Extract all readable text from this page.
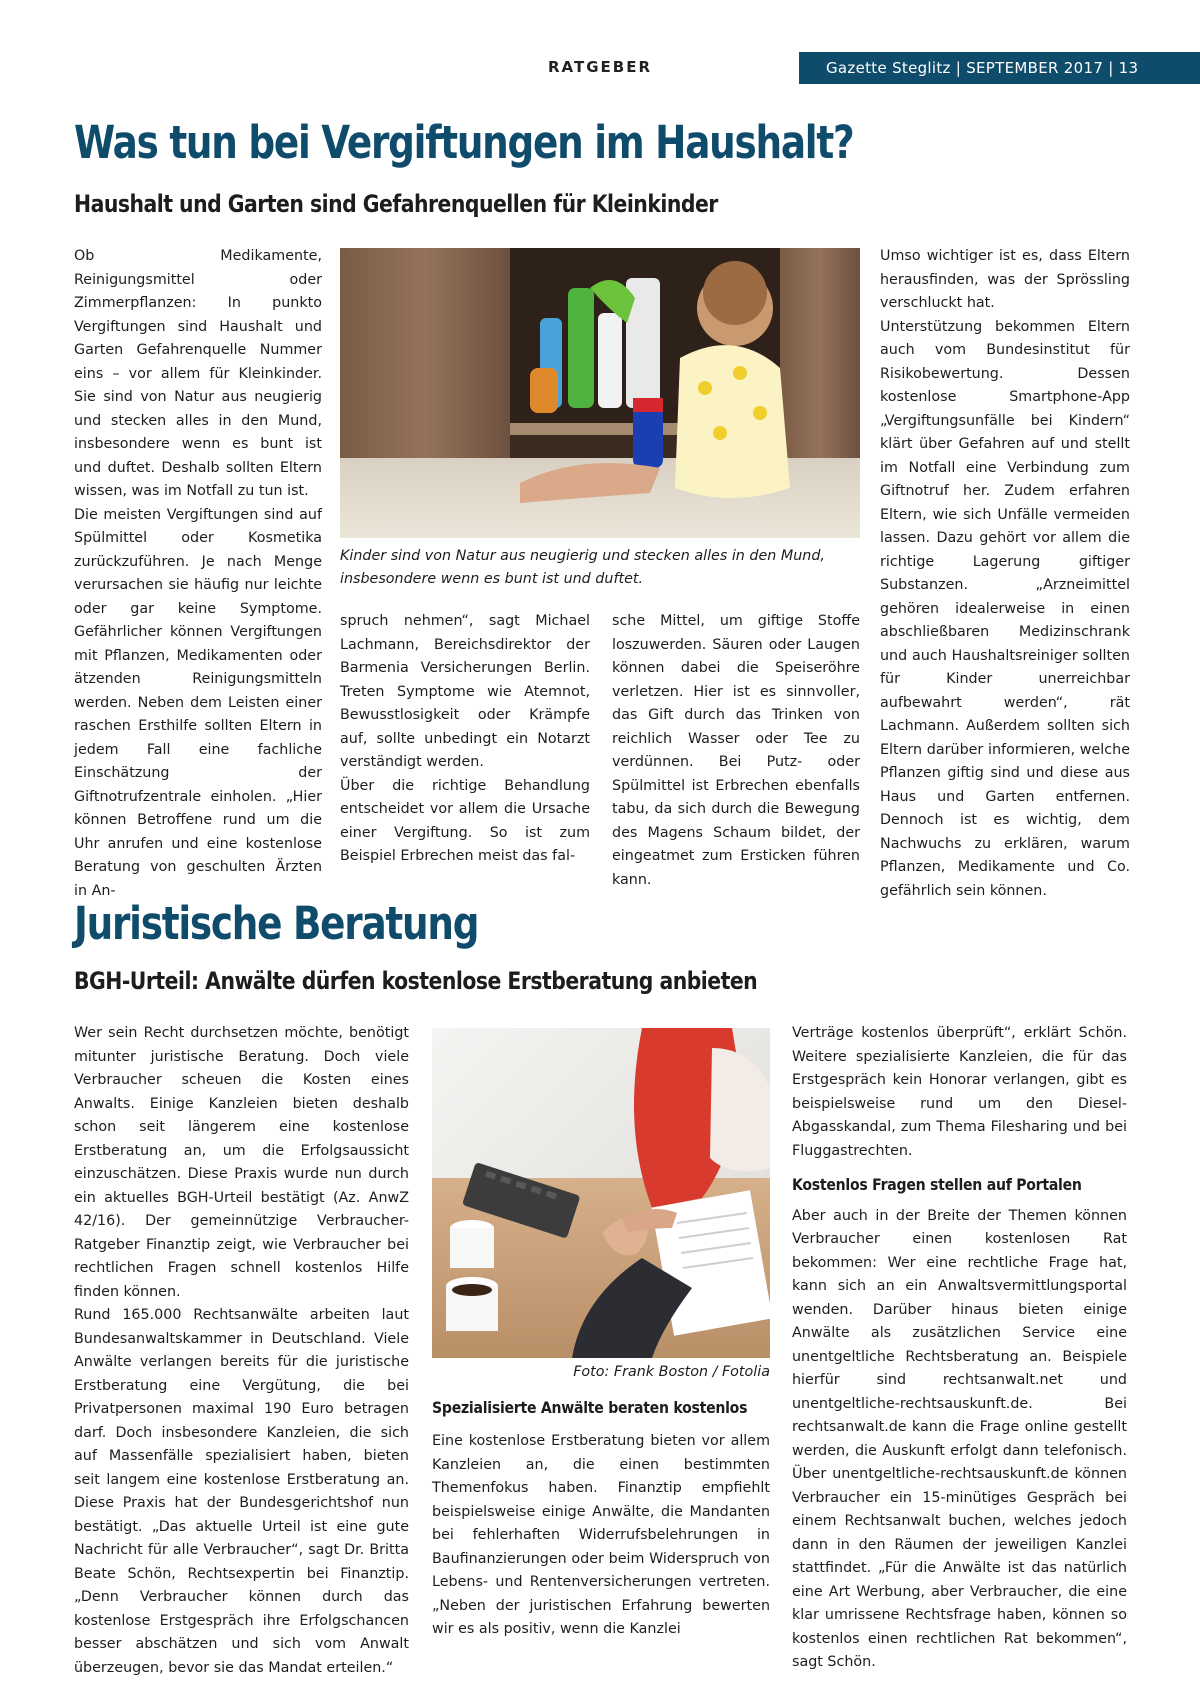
RATGEBER	Gazette Steglitz | SEPTEMBER 2017 | 13
Was tun bei Vergiftungen im Haushalt?
Haushalt und Garten sind Gefahrenquellen für Kleinkinder

Ob Medikamente, Reinigungsmittel oder Zimmerpflanzen: In punkto Vergiftungen sind Haushalt und Garten Gefahrenquelle Nummer eins – vor allem für Kleinkinder. Sie sind von Natur aus neugierig und stecken alles in den Mund, insbesondere wenn es bunt ist und duftet. Deshalb sollten Eltern wissen, was im Notfall zu tun ist.

Die meisten Vergiftungen sind auf Spülmittel oder Kosmetika zurückzuführen. Je nach Menge verursachen sie häufig nur leichte oder gar keine Symptome. Gefährlicher können Vergiftungen mit Pflanzen, Medikamenten oder ätzenden Reinigungsmitteln werden. Neben dem Leisten einer raschen Ersthilfe sollten Eltern in jedem Fall eine fachliche Einschätzung der Giftnotrufzentrale einholen. „Hier können Betroffene rund um die Uhr anrufen und eine kostenlose Beratung von geschulten Ärzten in An-

Kinder sind von Natur aus neugierig und stecken alles in den Mund, insbesondere wenn es bunt ist und duftet.

spruch nehmen“, sagt Michael Lachmann, Bereichsdirektor der Barmenia Versicherungen Berlin. Treten Symptome wie Atemnot, Bewusstlosigkeit oder Krämpfe auf, sollte unbedingt ein Notarzt verständigt werden.

Über die richtige Behandlung entscheidet vor allem die Ursache einer Vergiftung. So ist zum Beispiel Erbrechen meist das fal-

sche Mittel, um giftige Stoffe loszuwerden. Säuren oder Laugen können dabei die Speiseröhre verletzen. Hier ist es sinnvoller, das Gift durch das Trinken von reichlich Wasser oder Tee zu verdünnen. Bei Putz- oder Spülmittel ist Erbrechen ebenfalls tabu, da sich durch die Bewegung des Magens Schaum bildet, der eingeatmet zum Ersticken führen kann.

Umso wichtiger ist es, dass Eltern herausfinden, was der Sprössling verschluckt hat.

Unterstützung bekommen Eltern auch vom Bundesinstitut für Risikobewertung. Dessen kostenlose Smartphone-App „Vergiftungsunfälle bei Kindern“ klärt über Gefahren auf und stellt im Notfall eine Verbindung zum Giftnotruf her. Zudem erfahren Eltern, wie sich Unfälle vermeiden lassen. Dazu gehört vor allem die richtige Lagerung giftiger Substanzen. „Arzneimittel gehören idealerweise in einen abschließbaren Medizinschrank und auch Haushaltsreiniger sollten für Kinder unerreichbar aufbewahrt werden“, rät Lachmann. Außerdem sollten sich Eltern darüber informieren, welche Pflanzen giftig sind und diese aus Haus und Garten entfernen. Dennoch ist es wichtig, dem Nachwuchs zu erklären, warum Pflanzen, Medikamente und Co. gefährlich sein können.

Juristische Beratung
BGH-Urteil: Anwälte dürfen kostenlose Erstberatung anbieten

Wer sein Recht durchsetzen möchte, benötigt mitunter juristische Beratung. Doch viele Verbraucher scheuen die Kosten eines Anwalts. Einige Kanzleien bieten deshalb schon seit längerem eine kostenlose Erstberatung an, um die Erfolgsaussicht einzuschätzen. Diese Praxis wurde nun durch ein aktuelles BGH-Urteil bestätigt (Az. AnwZ 42/16). Der gemeinnützige Verbraucher-Ratgeber Finanztip zeigt, wie Verbraucher bei rechtlichen Fragen schnell kostenlos Hilfe finden können.

Rund 165.000 Rechtsanwälte arbeiten laut Bundesanwaltskammer in Deutschland. Viele Anwälte verlangen bereits für die juristische Erstberatung eine Vergütung, die bei Privatpersonen maximal 190 Euro betragen darf. Doch insbesondere Kanzleien, die sich auf Massenfälle spezialisiert haben, bieten seit langem eine kostenlose Erstberatung an. Diese Praxis hat der Bundesgerichtshof nun bestätigt. „Das aktuelle Urteil ist eine gute Nachricht für alle Verbraucher“, sagt Dr. Britta Beate Schön, Rechtsexpertin bei Finanztip. „Denn Verbraucher können durch das kostenlose Erstgespräch ihre Erfolgschancen besser abschätzen und sich vom Anwalt überzeugen, bevor sie das Mandat erteilen.“

Foto: Frank Boston / Fotolia
Spezialisierte Anwälte beraten kostenlos

Eine kostenlose Erstberatung bieten vor allem Kanzleien an, die einen bestimmten Themenfokus haben. Finanztip empfiehlt beispielsweise einige Anwälte, die Mandanten bei fehlerhaften Widerrufsbelehrungen in Baufinanzierungen oder beim Widerspruch von Lebens- und Rentenversicherungen vertreten. „Neben der juristischen Erfahrung bewerten wir es als positiv, wenn die Kanzlei

Verträge kostenlos überprüft“, erklärt Schön. Weitere spezialisierte Kanzleien, die für das Erstgespräch kein Honorar verlangen, gibt es beispielsweise rund um den Diesel-Abgasskandal, zum Thema Filesharing und bei Fluggastrechten.

Kostenlos Fragen stellen auf Portalen

Aber auch in der Breite der Themen können Verbraucher einen kostenlosen Rat bekommen: Wer eine rechtliche Frage hat, kann sich an ein Anwaltsvermittlungsportal wenden. Darüber hinaus bieten einige Anwälte als zusätzlichen Service eine unentgeltliche Rechtsberatung an. Beispiele hierfür sind rechtsanwalt.net und unentgeltliche-rechtsauskunft.de. Bei rechtsanwalt.de kann die Frage online gestellt werden, die Auskunft erfolgt dann telefonisch. Über unentgeltliche-rechtsauskunft.de können Verbraucher ein 15-minütiges Gespräch bei einem Rechtsanwalt buchen, welches jedoch dann in den Räumen der jeweiligen Kanzlei stattfindet. „Für die Anwälte ist das natürlich eine Art Werbung, aber Verbraucher, die eine klar umrissene Rechtsfrage haben, können so kostenlos einen rechtlichen Rat bekommen“, sagt Schön.
